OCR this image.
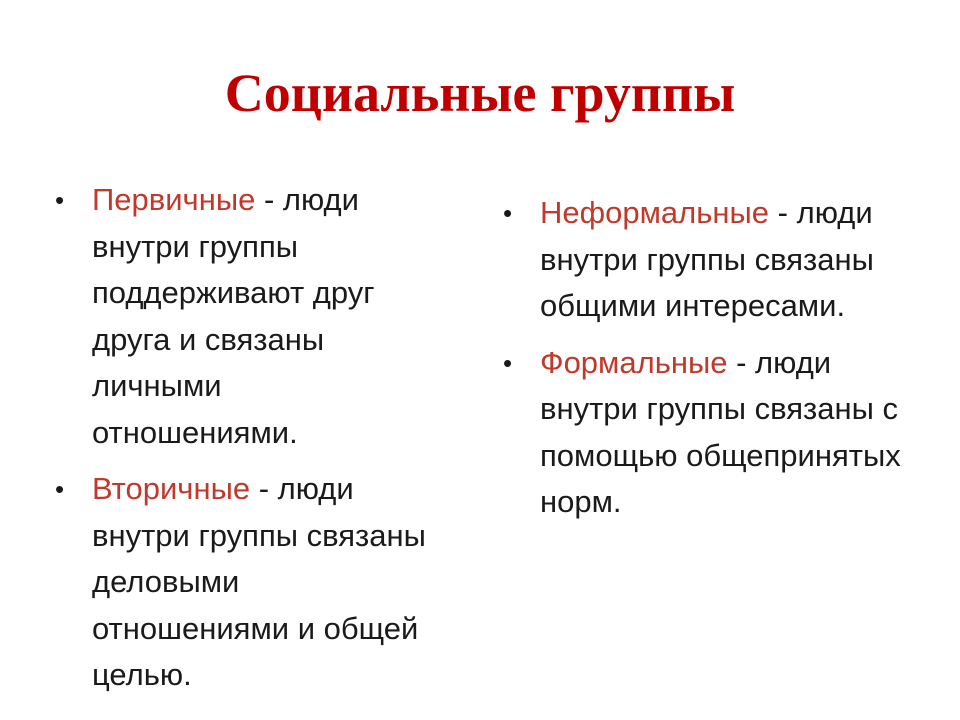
Социальные группы
• Первичные - люди внутри группы поддерживают друг друга и связаны личными отношениями.
• Вторичные - люди внутри группы связаны деловыми отношениями и общей целью.
• Неформальные - люди внутри группы связаны общими интересами.
• Формальные - люди внутри группы связаны с помощью общепринятых норм.
